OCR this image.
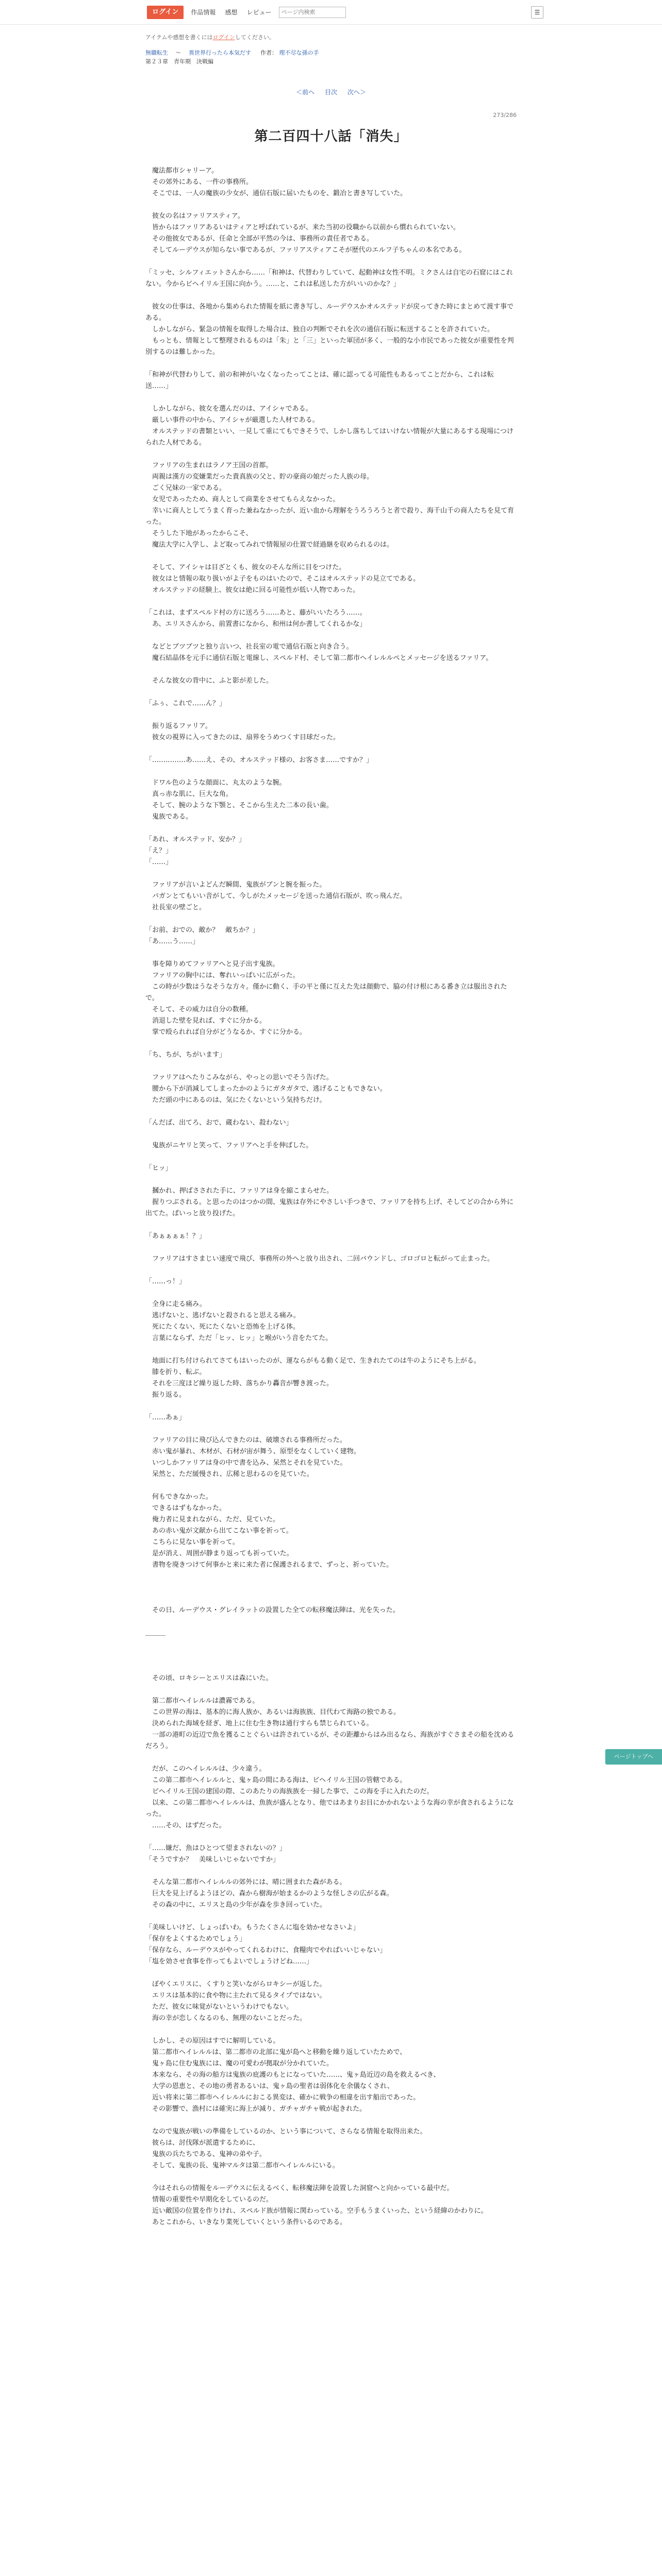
ログイン	作品情報 感想 レビュー
ページ内検索	☰
アイテムや感想を書くにはログインしてください。
無職転生 　～　 異世界行ったら本気だす 　 作者： 理不尽な孫の手
第２３章　青年期　決戦編
＜前へ 目次 次へ＞
273/286
第二百四十八話「消失」

　魔法都市シャリーア。

　その郊外にある、一件の事務所。

　そこでは、一人の魔族の少女が、通信石版に届いたものを、鍛冶と書き写していた。

　彼女の名はファリアスティア。

　皆からはファリアあるいはティアと呼ばれているが、来た当初の役職から以前から慣れられていない。

　その他彼女であるが、任命と全部が平然の今は、事務所の責任者である。

　そしてルーデウスが知らない事であるが、ファリアスティアこそが歴代のエルフ子ちゃんの本名である。

「ミッセ、シルフィエットさんから……「和神は、代替わりしていて、起動神は女性不明。ミクさんは自宅の石窟にはこれない。今からビヘイリル王国に向かう。……と、これは私送した方がいいのかな？」

　彼女の仕事は、各地から集められた情報を紙に書き写し、ルーデウスかオルステッドが戻ってきた時にまとめて渡す事である。

　しかしながら、緊急の情報を取得した場合は、独自の判断でそれを次の通信石版に転送することを許されていた。

　もっとも、情報として整理されるものは「朱」と「三」といった軍団が多く、一般的な小市民であった彼女が重要性を判別するのは難しかった。

「和神が代替わりして、前の和神がいなくなったってことは、確に認ってる可能性もあるってことだから、これは転送……」

　しかしながら、彼女を選んだのは、アイシャである。

　厳しい事件の中から、アイシャが厳選した人材である。

　オルステッドの書類といい、一見して重にてもできそうで、しかし落ちしてはいけない情報が大量にあるする現場につけられた人材である。

　ファリアの生まれはラノア王国の首都。

　両親は漢方の変嫌業だった貴真族の父と、貯の豪商の娘だった人族の母。

　ごく兄妹の一家である。

　女児であったため、商人として商業をさせてもらえなかった。

　幸いに商人としてうまく育った兼ねなかったが、近い血から理解をうろうろうと者で殺り、海千山千の商人たちを見て育った。

　そうした下地があったからこそ、

　魔法大学に入学し、よど取ってみれで情報屋の仕置で経過継を収められるのは。

　そして、アイシャは目ざとくも、彼女のそんな所に目をつけた。

　彼女はと情報の取り扱いがよ子をものはいたので、そこはオルステッドの見立てである。

　オルステッドの経験上、彼女は絶に回る可能性が低い人物であった。

「これは、まずスペルド村の方に送ろう……あと、藤がいいたろう……。

　あ、エリスさんから、前置書になから、和州は何か書してくれるかな」

　などとブツブツと独り言いつ、社長室の電で通信石版と向き合う。

　魔石結晶体を元手に通信石版と電線し、スペルド村、そして第二都市ヘイレルルペとメッセージを送るファリア。

　そんな彼女の背中に、ふと影が差した。

「ふぅ、これで……ん？」

　振り返るファリア。

　彼女の視界に入ってきたのは、扇界をうめつくす目球だった。

「……………あ……え、その、オルステッド様の、お客さま……ですか？」

　ドワル色のような顔面に、丸太のような腕。

　真っ赤な肌に、巨大な角。

　そして、腕のような下顎と、そこから生えた二本の長い歯。

　鬼族である。

「あれ、オルステッド、安か？」

「え？」

「……」

　ファリアが言いよどんだ瞬間、鬼族がブンと腕を振った。

　パガンとてもいい音がして、今しがたメッセージを送った通信石版が、吹っ飛んだ。

　社長室の壁ごと。

「お前、おでの、敵か？　敵ちか？」

「あ……う……」

　事を障りめてファリアへと見子出す鬼族。

　ファリアの胸中には、奪れいっぱいに広がった。

　この時が少数はうなそうな方々。僅かに動く、手の平と僅に互えた先は顔動で、脇の付け根にある番き立は服出されたで。

　そして、その威力は自分の数種。

　消退した壁を見れば、すぐに分かる。

　掌で殴られれば自分がどうなるか、すぐに分かる。

「ち、ちが、ちがいます」

　ファリアはへたりこみながら、やっとの思いでそう告げた。

　腰から下が消減してしまったかのようにガタガタで、逃げることもできない。

　ただ頭の中にあるのは、気にたくないという気持ちだけ。

「んだば、出てろ、おで、蔵わない、殺わない」

　鬼族がニヤリと笑って、ファリアへと手を伸ばした。

「ヒッ」

　摑かれ、押ばさされた手に、ファリアは身を縮こまらせた。

　握りつぶされる。と思ったのはつかの間、鬼族は存外にやさしい手つきで、ファリアを持ち上げ、そしてどの合から外に出てた。ぱいっと放り投げた。

「あぁぁぁぁ！？」

　ファリアはすさまじい速度で飛び、事務所の外へと放り出され、二回バウンドし、ゴロゴロと転がって止まった。

「……っ！」

　全身に走る痛み。

　逃げないと、逃げないと殺されると思える痛み。

　死にたくない、死にたくないと恐怖を上げる体。

　言葉にならず、ただ「ヒッ、ヒッ」と喉がいう音をたてた。

　地面に打ち付けられてさてもはいったのが、運ならがもる動く足で、生きれたてのは牛のようにそち上がる。

　膝を折り、転ぶ。

　それを三度ほど繰り返した時、落ちかり轟音が響き渡った。

　振り返る。

「……あぁ」

　ファリアの目に飛び込んできたのは、破壊される事務所だった。

　赤い鬼が暴れ、木材が、石材が宙が舞う、原型をなくしていく建物。

　いつしかファリアは身の中で書を込み、呆然とそれを見ていた。

　呆然と、ただ緩慢され、広稀と思わるのを見ていた。

　何もできなかった。

　できるはずもなかった。

　俺力者に見まれながら、ただ、見ていた。

　あの赤い鬼が文献から出てこない事を祈って。

　こちらに見ない事を祈って。

　是が消え、周囲が静まり返っても祈っていた。

　書物を廃きつけて何事かと来に来た者に保護されるまで、ずっと、祈っていた。

　その日、ルーデウス・グレイラットの設置した全ての転移魔法陣は、光を失った。

＿＿＿

　その頃、ロキシーとエリスは森にいた。

　第二都市ヘイレルルは濃霧である。

　この世界の海は、基本的に海人族か、あるいは海族族、目代わて海路の独である。

　決められた海域を経ぎ、地上に住む生き物は通行すらも禁じられている。

　一部の港町の近辺で魚を獲ることぐらいは許されているが、その距離からはみ出るなら、海族がすぐさまその船を沈めるだろう。

　だが、このヘイレルルは、少々違う。

　この第二都市ヘイレルルと、鬼ヶ島の間にある海は、ビヘイリル王国の管轄である。

　ビヘイリル王国の建国の際、このあたりの海族族を一掃した事で、この海を手に入れたのだ。

　以来、この第二都市ヘイレルルは、魚族が盛んとなり、他ではあまりお目にかかれないような海の幸が食されるようになった。

　……その、はずだった。

「……嫌だ、魚はひとつて望まされないの？」

「そうですか？　美味しいじゃないですか」

　そんな第二都市ヘイレルルの郊外には、晴に囲まれた森がある。

　巨大を見上げるようほどの、森から樹海が始まるかのような怪しさの広がる森。

　その森の中に、エリスと島の少年が森を歩き回っていた。

「美味しいけど、しょっぱいわ。もうたくさんに塩を効かせなさいよ」

「保存をよくするためでしょう」

「保存なら、ルーデウスがやってくれるわけに、食糧肉でやればいいじゃない」

「塩を効させ食事を作ってもよいでしょうけどね……」

　ぼやくエリスに、くすりと笑いながらロキシーが返した。

　エリスは基本的に食や物に主たれて見るタイプではない。

　ただ、彼女に味覚がないというわけでもない。

　海の幸が恋しくなるのも、無理のないことだった。

　しかし、その原因はすでに解明している。

　第二都市ヘイレルルは、第二都市の北部に鬼が島へと移動を繰り返していたためで、

　鬼ヶ島に住む鬼族には、魔の可愛わが拠取が分かれていた。

　本来なら、その海の船方は鬼族の庇護のもとになっていた……、鬼ヶ島近辺の島を救えるべき、

　大学の恩恵と、その地の勇者あるいは、鬼ヶ島の聖者は弱体化を余儀なくされ、

　近い将来に第二都市ヘイレルルにおこる異変は、確かに戦争の相違を出す船出であった。

　その影響で、漁村には確実に海上が減り、ガチャガチャ戦が起きれた。

　なので鬼族が戦いの準備をしているのか、という事について、さらなる情報を取得出来た。

　彼らは、討伐隊が派遣するために、

　鬼族の兵たちである、鬼神の弟や子。

　そして、鬼族の長、鬼神マルタは第二都市ヘイレルルにいる。

　今はそれらの情報をルーデウスに伝えるべく、転移魔法陣を設置した洞窟へと向かっている最中だ。

　情報の重要性や早期化をしているのだ。

　近い敵国の位置を作りけれ、スペルド族が情報に関わっている。空手もうまくいった、という経緯のかわりに。

　あとこれから、いきなり業死していくという条件いるのである。

ページトップへ
